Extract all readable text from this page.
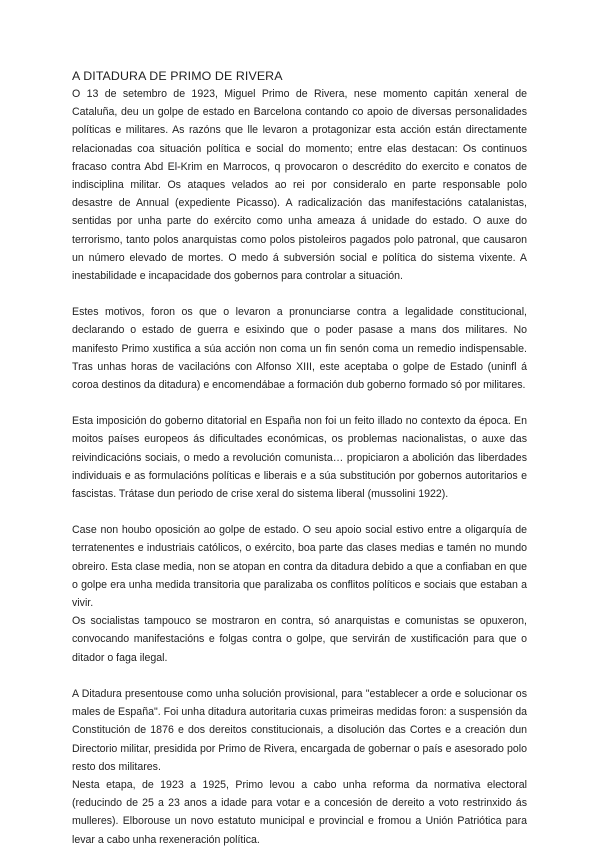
A DITADURA DE PRIMO DE RIVERA

O 13 de setembro de 1923, Miguel Primo de Rivera, nese momento capitán xeneral de Cataluña, deu un golpe de estado en Barcelona contando co apoio de diversas personalidades políticas e militares. As razóns que lle levaron a protagonizar esta acción están directamente relacionadas coa situación política e social do momento; entre elas destacan: Os continuos fracaso contra Abd El-Krim en Marrocos, q provocaron o descrédito do exercito e conatos de indisciplina militar. Os ataques velados ao rei por consideralo en parte responsable polo desastre de Annual (expediente Picasso). A radicalización das manifestacións catalanistas, sentidas por unha parte do exército como unha ameaza á unidade do estado. O auxe do terrorismo, tanto polos anarquistas como polos pistoleiros pagados polo patronal, que causaron un número elevado de mortes. O medo á subversión social e política do sistema vixente. A inestabilidade e incapacidade dos gobernos para controlar a situación.

Estes motivos, foron os que o levaron a pronunciarse contra a legalidade constitucional, declarando o estado de guerra e esixindo que o poder pasase a mans dos militares. No manifesto Primo xustifica a súa acción non coma un fin senón coma un remedio indispensable. Tras unhas horas de vacilacións con Alfonso XIII, este aceptaba o golpe de Estado (uninfl á coroa destinos da ditadura) e encomendábae a formación dub goberno formado só por militares.

Esta imposición do goberno ditatorial en España non foi un feito illado no contexto da época. En moitos países europeos ás dificultades económicas, os problemas nacionalistas, o auxe das reivindicacións sociais, o medo a revolución comunista… propiciaron a abolición das liberdades individuais e as formulacións políticas e liberais e a súa substitución por gobernos autoritarios e fascistas. Trátase dun periodo de crise xeral do sistema liberal (mussolini 1922).

Case non houbo oposición ao golpe de estado. O seu apoio social estivo entre a oligarquía de terratenentes e industriais católicos, o exército, boa parte das clases medias e tamén no mundo obreiro. Esta clase media, non se atopan en contra da ditadura debido a que a confiaban en que o golpe era unha medida transitoria que paralizaba os conflitos políticos e sociais que estaban a vivir.

Os socialistas tampouco se mostraron en contra, só anarquistas e comunistas se opuxeron, convocando manifestacións e folgas contra o golpe, que servirán de xustificación para que o ditador o faga ilegal.

A Ditadura presentouse como unha solución provisional, para "establecer a orde e solucionar os males de España". Foi unha ditadura autoritaria cuxas primeiras medidas foron: a suspensión da Constitución de 1876 e dos dereitos constitucionais, a disolución das Cortes e a creación dun Directorio militar, presidida por Primo de Rivera, encargada de gobernar o país e asesorado polo resto dos militares.

Nesta etapa, de 1923 a 1925, Primo levou a cabo unha reforma da normativa electoral (reducindo de 25 a 23 anos a idade para votar e a concesión de dereito a voto restrinxido ás mulleres). Elborouse un novo estatuto municipal e provincial e fromou a Unión Patriótica para levar a cabo unha rexeneración política.
